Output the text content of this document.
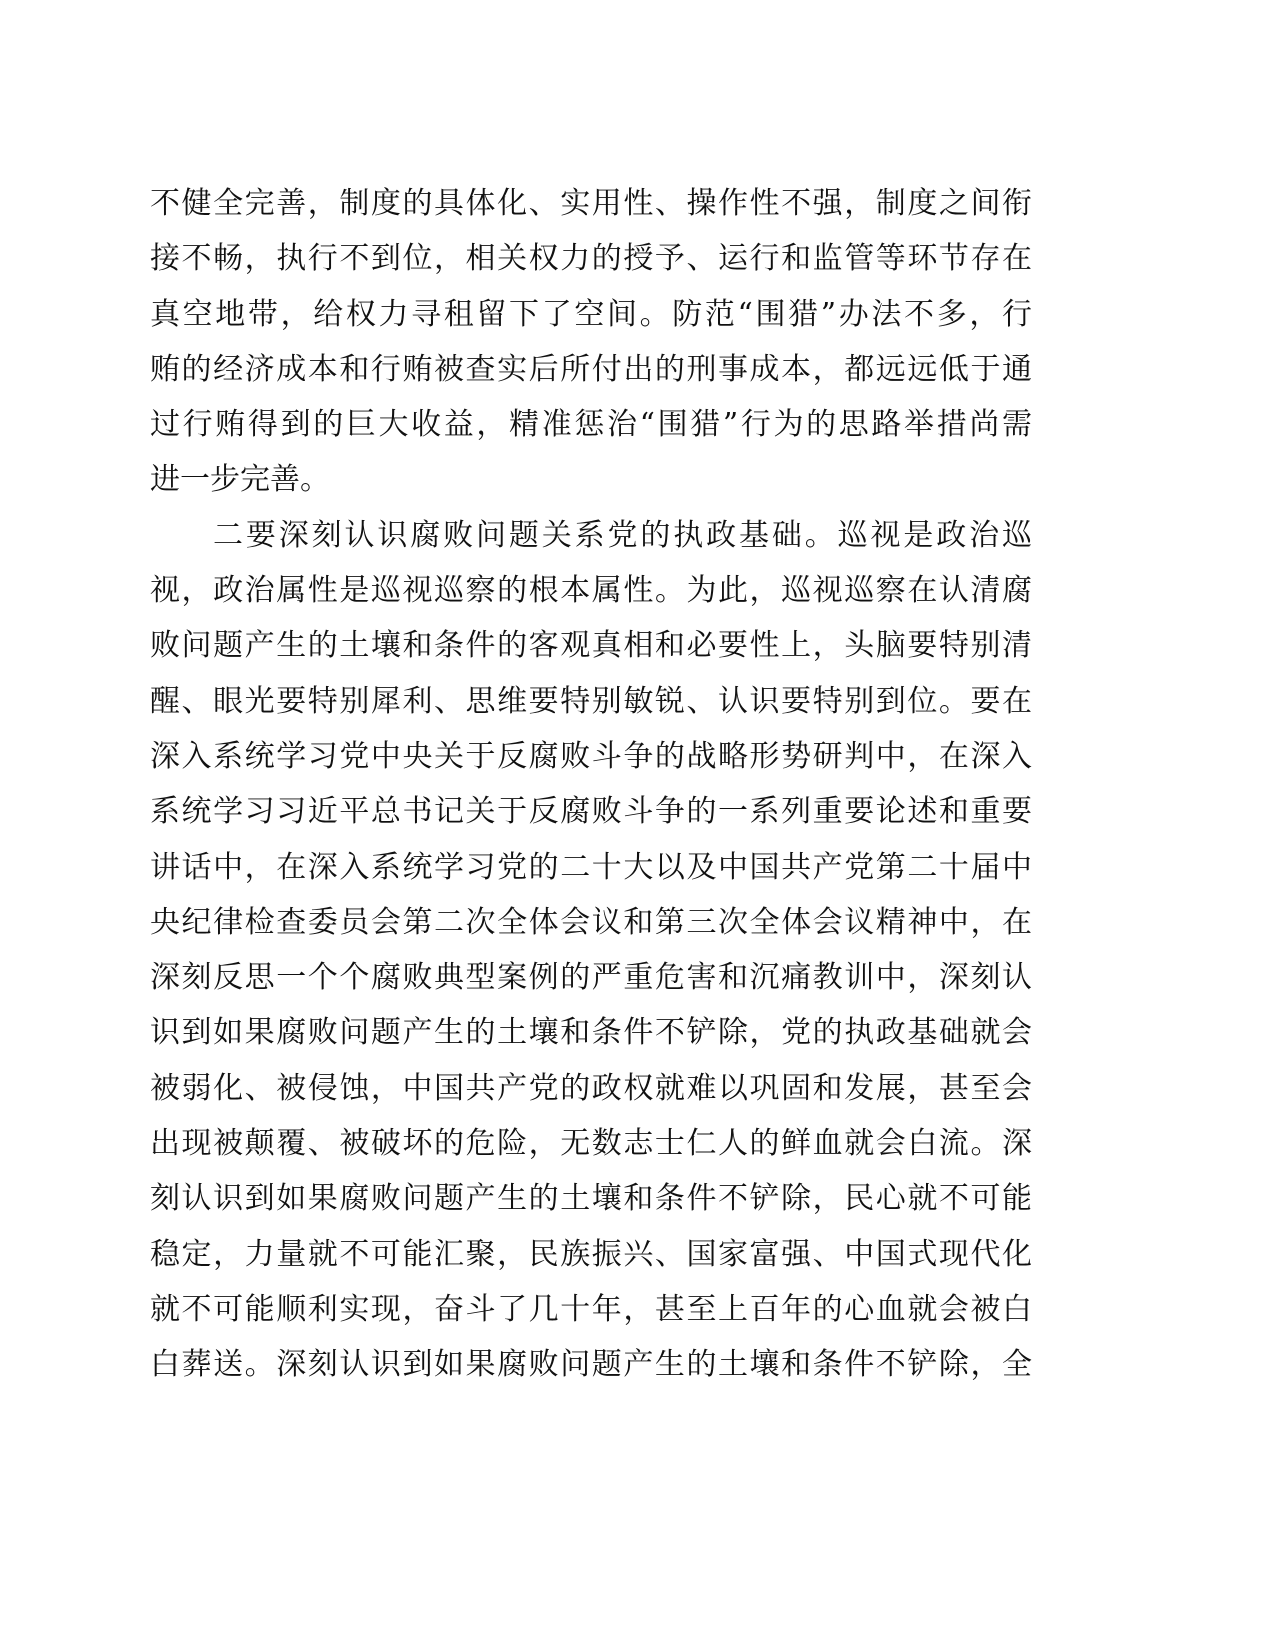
不健全完善，制度的具体化、实用性、操作性不强，制度之间衔
接不畅，执行不到位，相关权力的授予、运行和监管等环节存在
真空地带，给权力寻租留下了空间。防范“围猎”办法不多，行
贿的经济成本和行贿被查实后所付出的刑事成本，都远远低于通
过行贿得到的巨大收益，精准惩治“围猎”行为的思路举措尚需
进一步完善。
二要深刻认识腐败问题关系党的执政基础。巡视是政治巡
视，政治属性是巡视巡察的根本属性。为此，巡视巡察在认清腐
败问题产生的土壤和条件的客观真相和必要性上，头脑要特别清
醒、眼光要特别犀利、思维要特别敏锐、认识要特别到位。要在
深入系统学习党中央关于反腐败斗争的战略形势研判中，在深入
系统学习习近平总书记关于反腐败斗争的一系列重要论述和重要
讲话中，在深入系统学习党的二十大以及中国共产党第二十届中
央纪律检查委员会第二次全体会议和第三次全体会议精神中，在
深刻反思一个个腐败典型案例的严重危害和沉痛教训中，深刻认
识到如果腐败问题产生的土壤和条件不铲除，党的执政基础就会
被弱化、被侵蚀，中国共产党的政权就难以巩固和发展，甚至会
出现被颠覆、被破坏的危险，无数志士仁人的鲜血就会白流。深
刻认识到如果腐败问题产生的土壤和条件不铲除，民心就不可能
稳定，力量就不可能汇聚，民族振兴、国家富强、中国式现代化
就不可能顺利实现，奋斗了几十年，甚至上百年的心血就会被白
白葬送。深刻认识到如果腐败问题产生的土壤和条件不铲除，全
